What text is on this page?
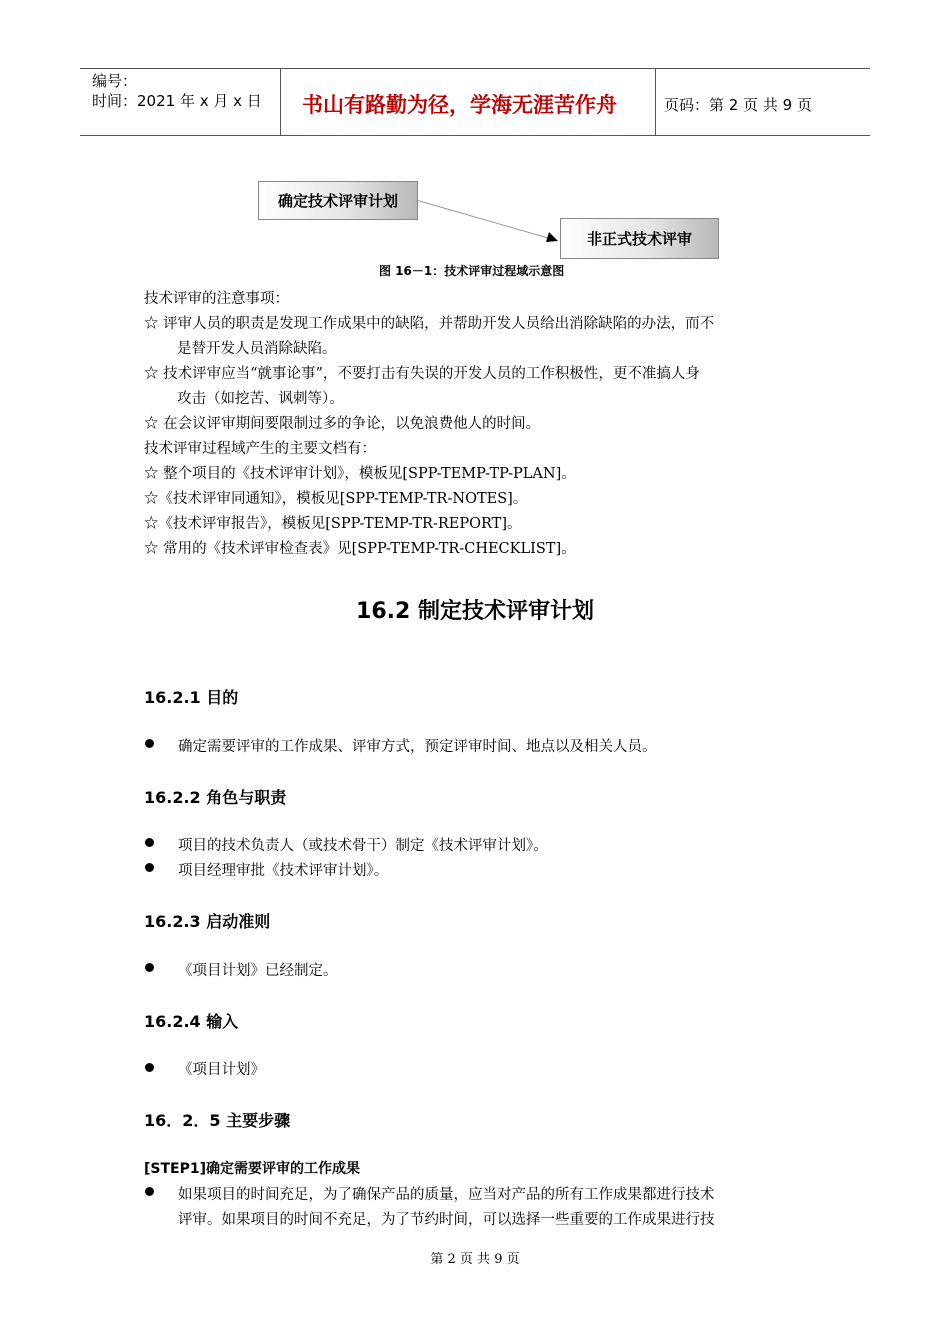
编号：
时间：2021 年 x 月 x 日 书山有路勤为径，学海无涯苦作舟	页码：第 2 页 共 9 页
确定技术评审计划
非正式技术评审
图 16－1：技术评审过程域示意图
技术评审的注意事项：
☆ 评审人员的职责是发现工作成果中的缺陷，并帮助开发人员给出消除缺陷的办法，而不
是替开发人员消除缺陷。
☆ 技术评审应当“就事论事”，不要打击有失误的开发人员的工作积极性，更不准搞人身
攻击（如挖苦、讽刺等）。
☆ 在会议评审期间要限制过多的争论，以免浪费他人的时间。
技术评审过程域产生的主要文档有：
☆ 整个项目的《技术评审计划》，模板见[SPP-TEMP-TP-PLAN]。
☆《技术评审同通知》，模板见[SPP-TEMP-TR-NOTES]。
☆《技术评审报告》，模板见[SPP-TEMP-TR-REPORT]。
☆ 常用的《技术评审检查表》见[SPP-TEMP-TR-CHECKLIST]。
16.2 制定技术评审计划
16.2.1 目的
确定需要评审的工作成果、评审方式，预定评审时间、地点以及相关人员。
16.2.2 角色与职责
项目的技术负责人（或技术骨干）制定《技术评审计划》。
项目经理审批《技术评审计划》。
16.2.3 启动准则
《项目计划》已经制定。
16.2.4 输入
《项目计划》
16．2．5 主要步骤
[STEP1]确定需要评审的工作成果
如果项目的时间充足，为了确保产品的质量，应当对产品的所有工作成果都进行技术
评审。如果项目的时间不充足，为了节约时间，可以选择一些重要的工作成果进行技
第 2 页 共 9 页
